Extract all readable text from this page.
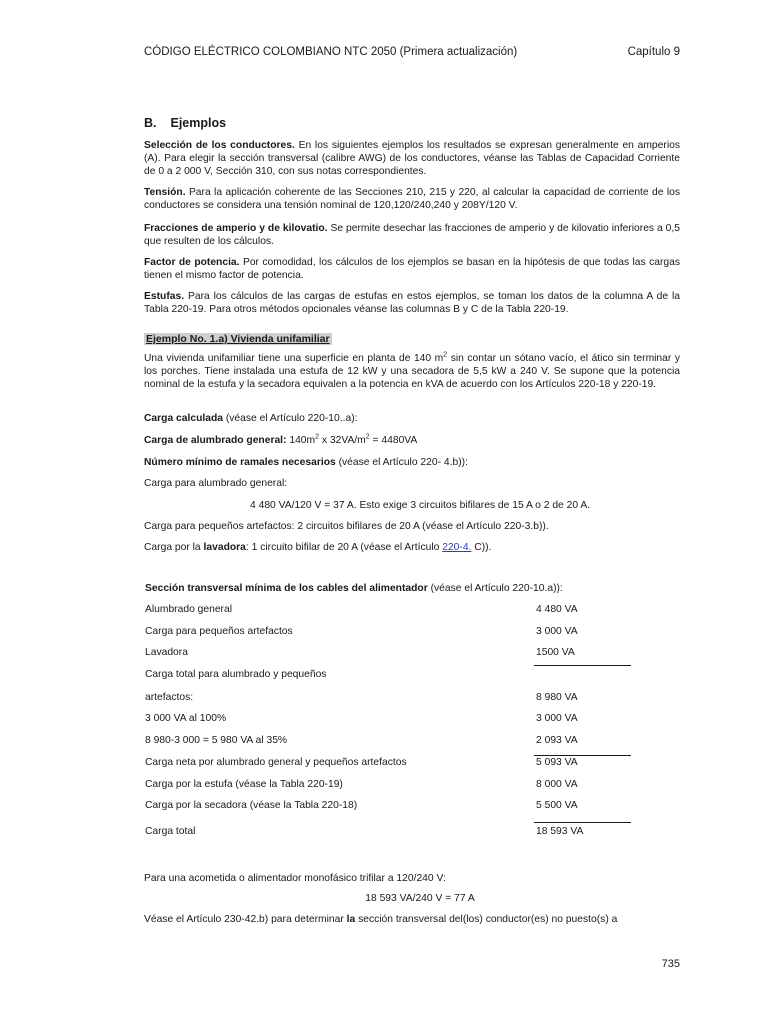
CÓDIGO ELÉCTRICO COLOMBIANO NTC 2050 (Primera actualización)	Capítulo 9
B. Ejemplos
Selección de los conductores. En los siguientes ejemplos los resultados se expresan generalmente en amperios (A). Para elegir la sección transversal (calibre AWG) de los conductores, véanse las Tablas de Capacidad Corriente de 0 a 2 000 V, Sección 310, con sus notas correspondientes.
Tensión. Para la aplicación coherente de las Secciones 210, 215 y 220, al calcular la capacidad de corriente de los conductores se considera una tensión nominal de 120,120/240,240 y 208Y/120 V.
Fracciones de amperio y de kilovatio. Se permite desechar las fracciones de amperio y de kilovatio inferiores a 0,5 que resulten de los cálculos.
Factor de potencia. Por comodidad, los cálculos de los ejemplos se basan en la hipótesis de que todas las cargas tienen el mismo factor de potencia.
Estufas. Para los cálculos de las cargas de estufas en estos ejemplos, se toman los datos de la columna A de la Tabla 220-19. Para otros métodos opcionales véanse las columnas B y C de la Tabla 220-19.
Ejemplo No. 1.a) Vivienda unifamiliar
Una vivienda unifamiliar tiene una superficie en planta de 140 $m^2$ sin contar un sótano vacío, el ático sin terminar y los porches. Tiene instalada una estufa de 12 kW y una secadora de 5,5 kW a 240 V. Se supone que la potencia nominal de la estufa y la secadora equivalen a la potencia en kVA de acuerdo con los Artículos 220-18 y 220-19.
Carga calculada (véase el Artículo 220-10..a):
Carga de alumbrado general: $140m^2$ x $32VA/m^2 = 4480VA$
Número mínimo de ramales necesarios (véase el Artículo 220- 4.b)):
Carga para alumbrado general:
4 480 VA/120 V = 37 A. Esto exige 3 circuitos bifilares de 15 A o 2 de 20 A.
Carga para pequeños artefactos: 2 circuitos bifilares de 20 A (véase el Artículo 220-3.b)).
Carga por la lavadora: 1 circuito bifilar de 20 A (véase el Artículo 220-4. C)).
Sección transversal mínima de los cables del alimentador (véase el Artículo 220-10.a)):
Alumbrado general	4 480 VA
Carga para pequeños artefactos	3 000 VA
Lavadora	1500 VA
Carga total para alumbrado y pequeños
artefactos:	8 980 VA
3 000 VA al 100%	3 000 VA
8 980-3 000 = 5 980 VA al 35%	2 093 VA
Carga neta por alumbrado general y pequeños artefactos	5 093 VA
Carga por la estufa (véase la Tabla 220-19)	8 000 VA
Carga por la secadora (véase la Tabla 220-18)	5 500 VA
Carga total	18 593 VA
Para una acometida o alimentador monofásico trifilar a 120/240 V:
18 593 VA/240 V = 77 A
Véase el Artículo 230-42.b) para determinar la sección transversal del(los) conductor(es) no puesto(s) a
735
